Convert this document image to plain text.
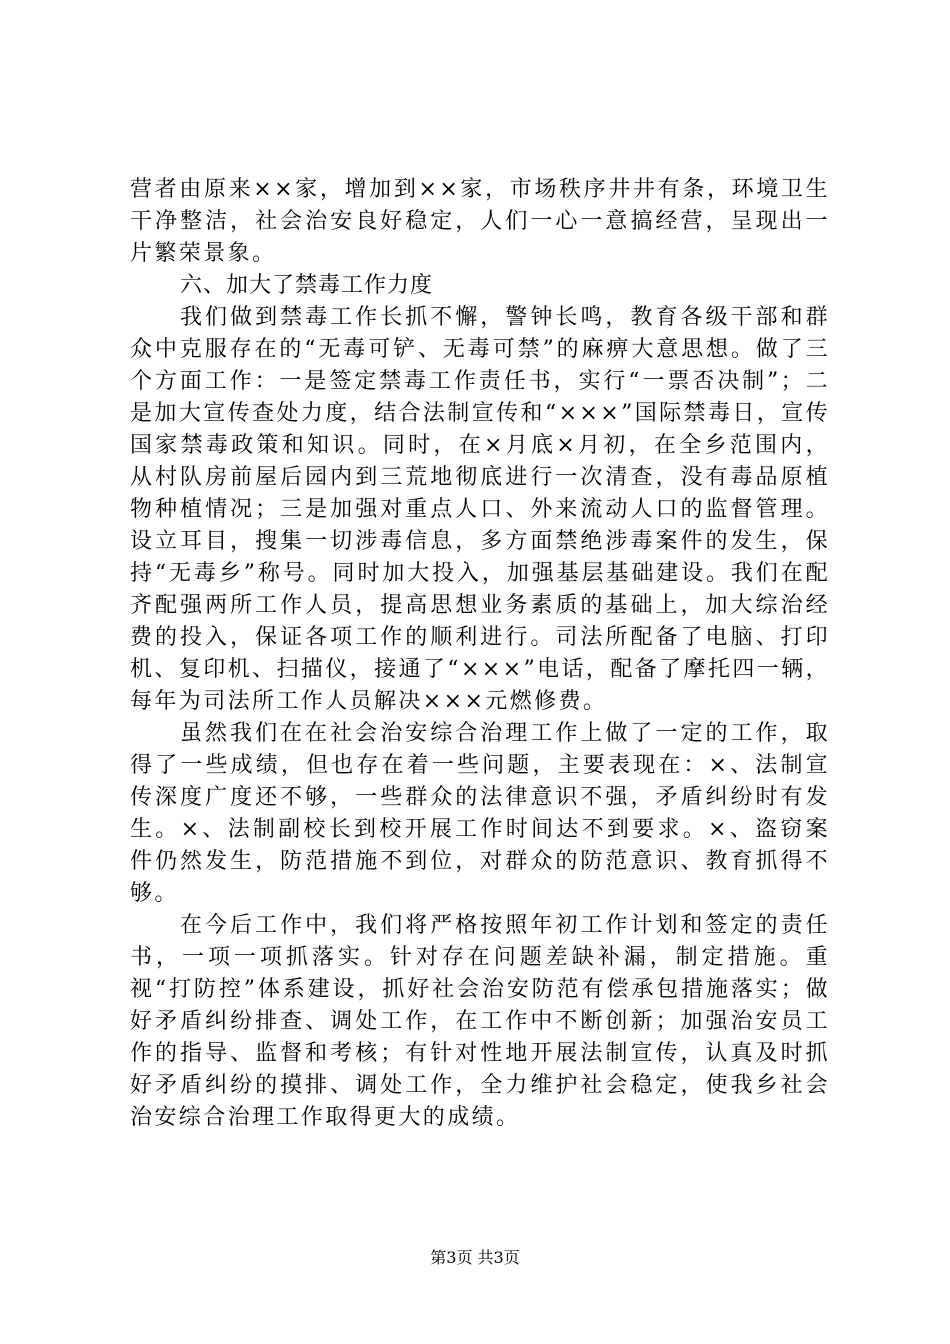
营者由原来××家，增加到××家，市场秩序井井有条，环境卫生干净整洁，社会治安良好稳定，人们一心一意搞经营，呈现出一片繁荣景象。

六、加大了禁毒工作力度

我们做到禁毒工作长抓不懈，警钟长鸣，教育各级干部和群众中克服存在的“无毒可铲、无毒可禁”的麻痹大意思想。做了三个方面工作：一是签定禁毒工作责任书，实行“一票否决制”；二是加大宣传查处力度，结合法制宣传和“×××”国际禁毒日，宣传国家禁毒政策和知识。同时，在×月底×月初，在全乡范围内，从村队房前屋后园内到三荒地彻底进行一次清查，没有毒品原植物种植情况；三是加强对重点人口、外来流动人口的监督管理。设立耳目，搜集一切涉毒信息，多方面禁绝涉毒案件的发生，保持“无毒乡”称号。同时加大投入，加强基层基础建设。我们在配齐配强两所工作人员，提高思想业务素质的基础上，加大综治经费的投入，保证各项工作的顺利进行。司法所配备了电脑、打印机、复印机、扫描仪，接通了“×××”电话，配备了摩托四一辆，每年为司法所工作人员解决×××元燃修费。

虽然我们在在社会治安综合治理工作上做了一定的工作，取得了一些成绩，但也存在着一些问题，主要表现在：×、法制宣传深度广度还不够，一些群众的法律意识不强，矛盾纠纷时有发生。×、法制副校长到校开展工作时间达不到要求。×、盗窃案件仍然发生，防范措施不到位，对群众的防范意识、教育抓得不够。

在今后工作中，我们将严格按照年初工作计划和签定的责任书，一项一项抓落实。针对存在问题差缺补漏，制定措施。重视“打防控”体系建设，抓好社会治安防范有偿承包措施落实；做好矛盾纠纷排查、调处工作，在工作中不断创新；加强治安员工作的指导、监督和考核；有针对性地开展法制宣传，认真及时抓好矛盾纠纷的摸排、调处工作，全力维护社会稳定，使我乡社会治安综合治理工作取得更大的成绩。

第3页 共3页
